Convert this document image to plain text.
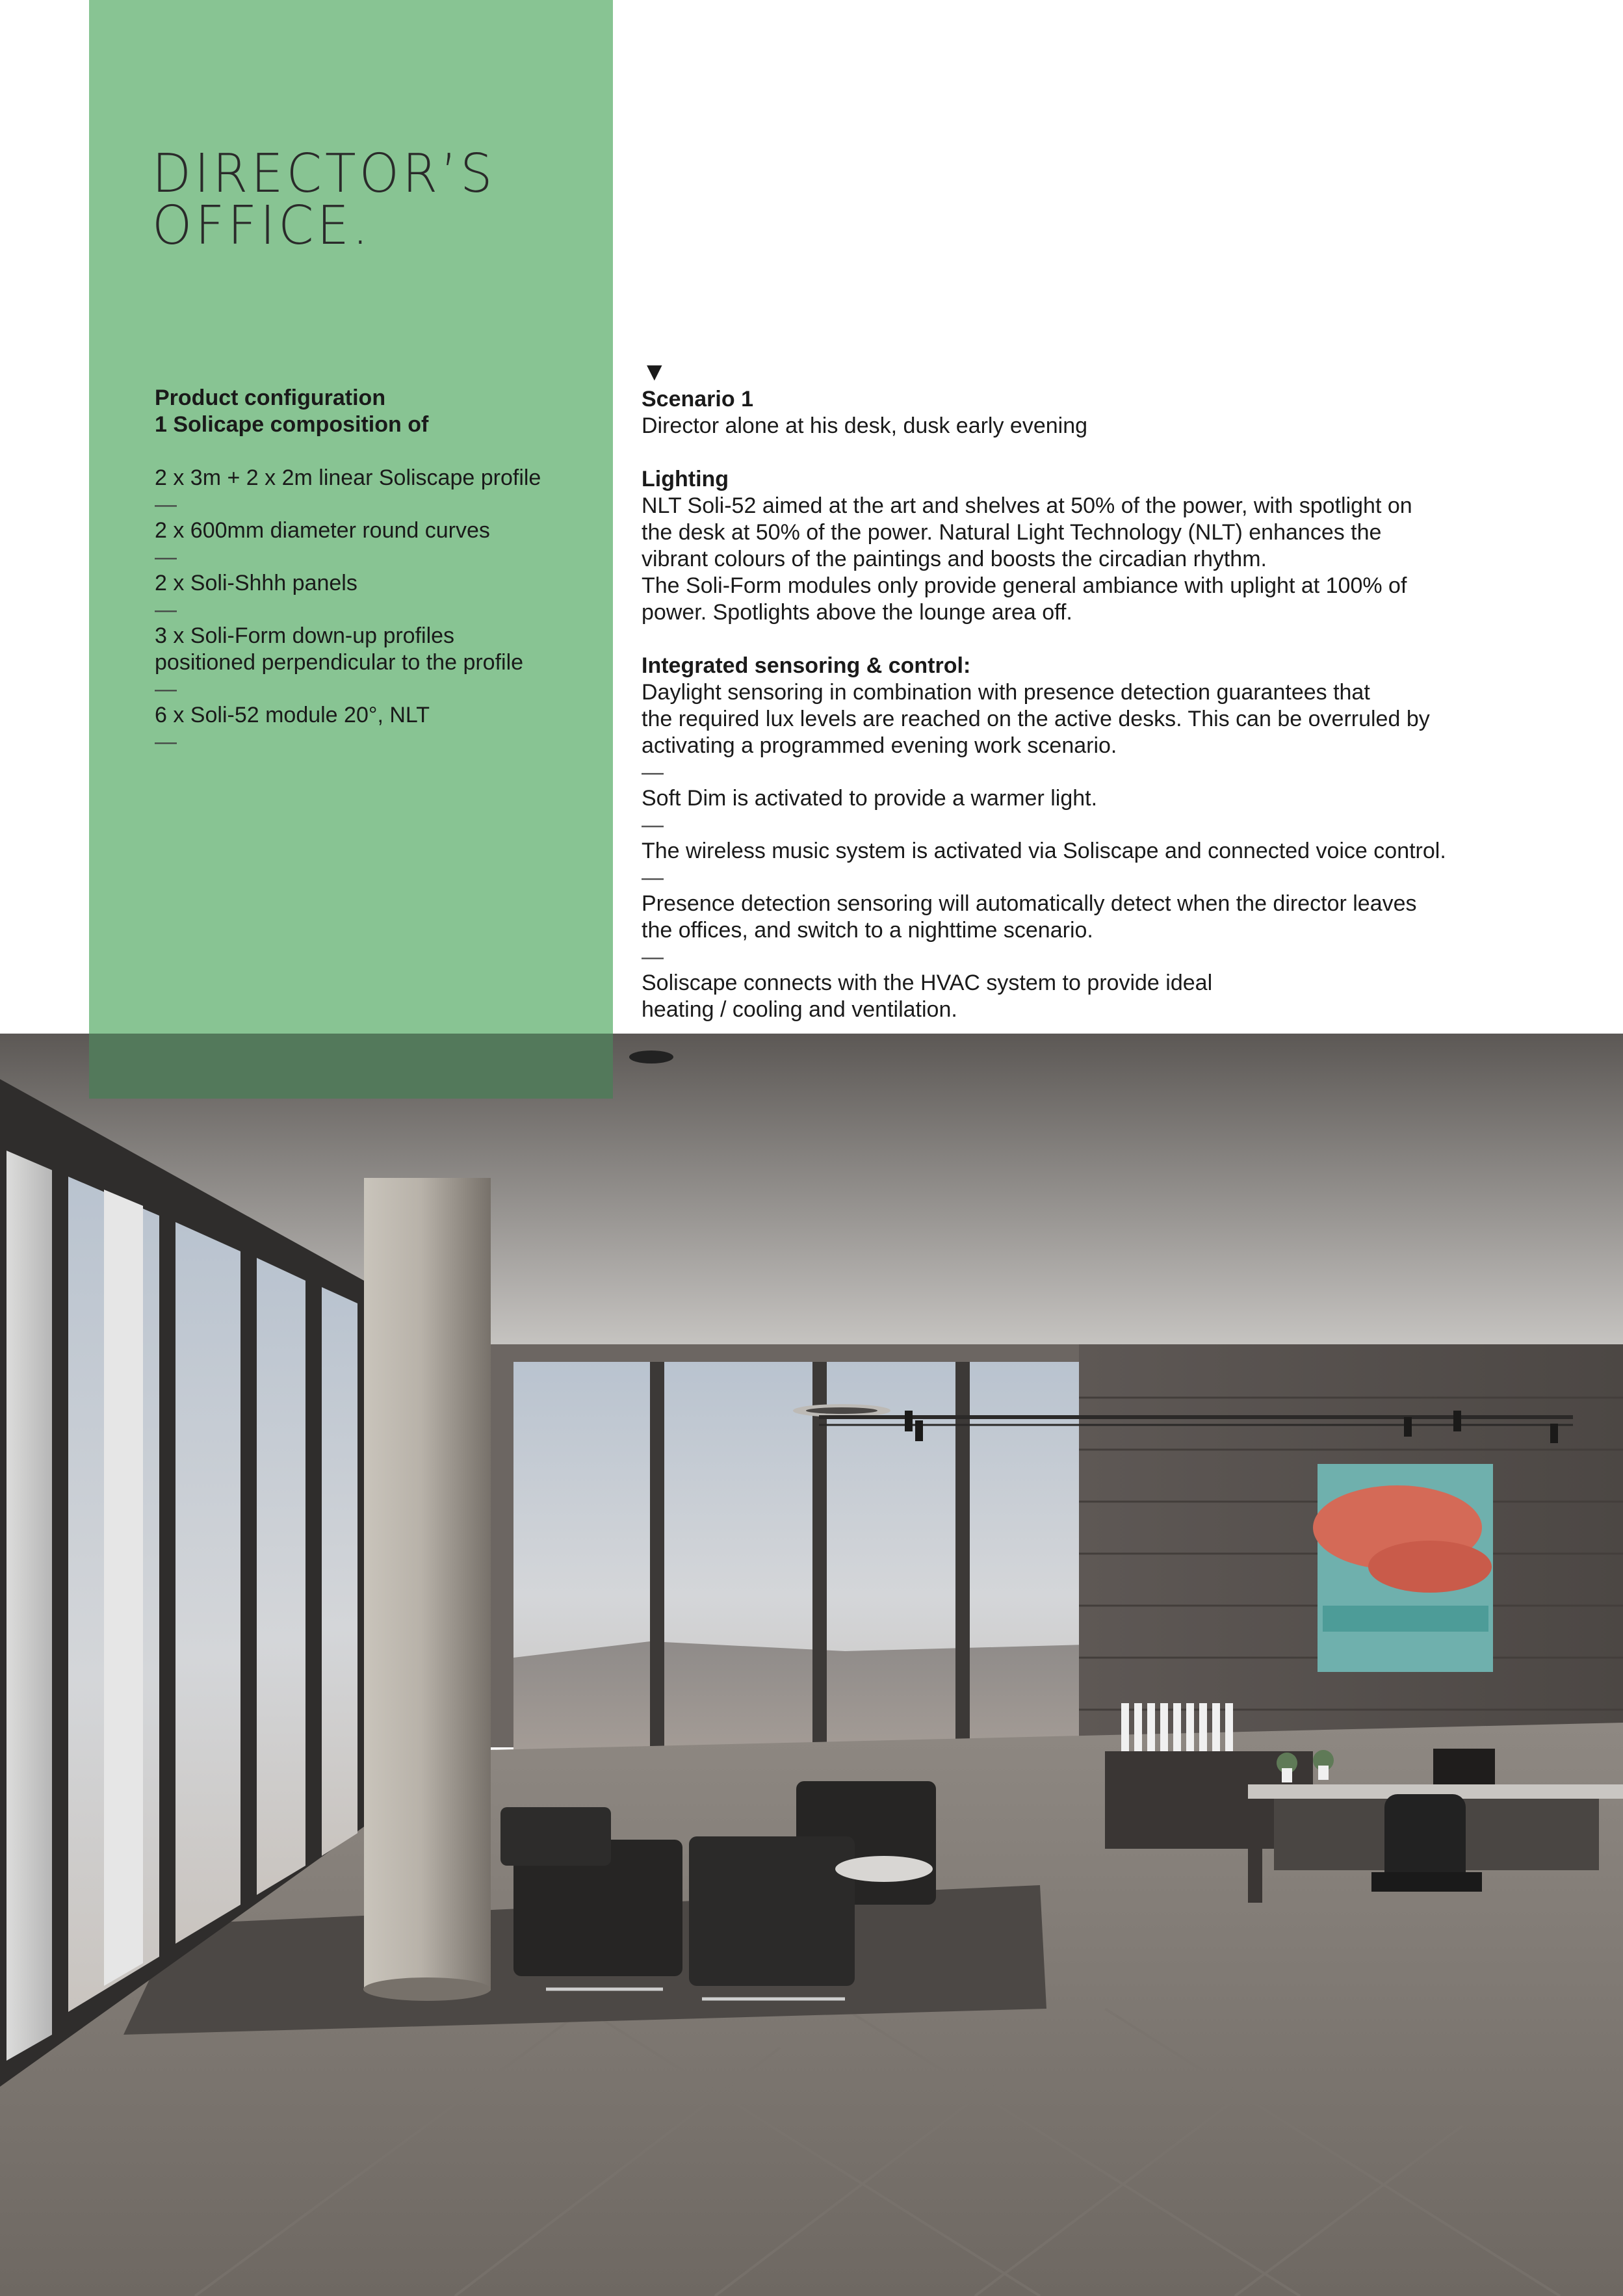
DIRECTOR’S
OFFICE.
Product configuration
1 Solicape composition of
2 x 3m + 2 x 2m linear Soliscape profile
—
2 x 600mm diameter round curves
—
2 x Soli-Shhh panels
—
3 x Soli-Form down-up profiles
positioned perpendicular to the profile
—
6 x Soli-52 module 20°, NLT
—
▼
Scenario 1
Director alone at his desk, dusk early evening
Lighting
NLT Soli-52 aimed at the art and shelves at 50% of the power, with spotlight on
the desk at 50% of the power. Natural Light Technology (NLT) enhances the
vibrant colours of the paintings and boosts the circadian rhythm.
The Soli-Form modules only provide general ambiance with uplight at 100% of
power. Spotlights above the lounge area off.
Integrated sensoring & control:
Daylight sensoring in combination with presence detection guarantees that
the required lux levels are reached on the active desks. This can be overruled by
activating a programmed evening work scenario.
—
Soft Dim is activated to provide a warmer light.
—
The wireless music system is activated via Soliscape and connected voice control.
—
Presence detection sensoring will automatically detect when the director leaves
the offices, and switch to a nighttime scenario.
—
Soliscape connects with the HVAC system to provide ideal
heating / cooling and ventilation.
